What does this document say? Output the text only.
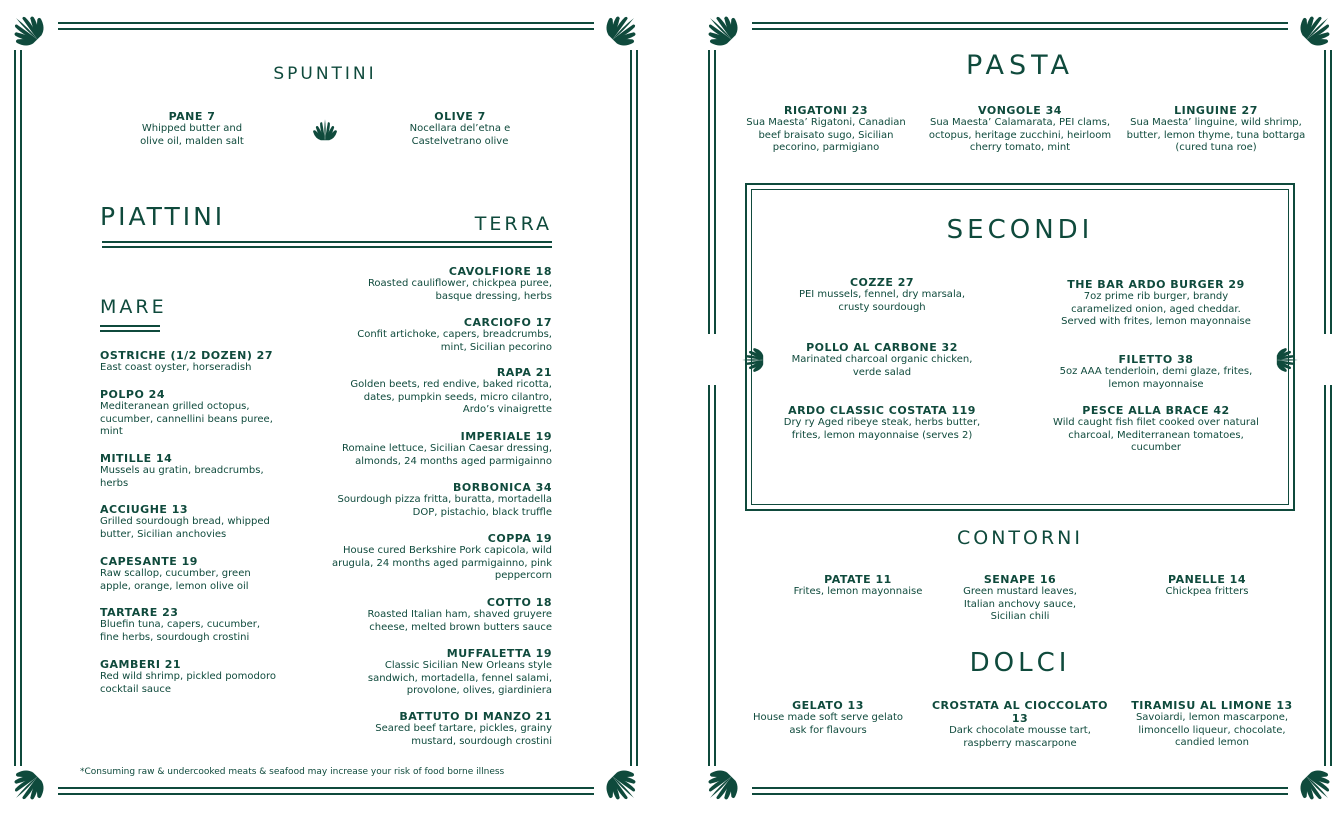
SPUNTINI
PANE 7
Whipped butter and olive oil, malden salt
OLIVE 7
Nocellara del’etna e Castelvetrano olive
PIATTINI	TERRA
MARE
OSTRICHE (1/2 DOZEN) 27
East coast oyster, horseradish
POLPO 24
Mediteranean grilled octopus, cucumber, cannellini beans puree, mint
MITILLE 14
Mussels au gratin, breadcrumbs, herbs
ACCIUGHE 13
Grilled sourdough bread, whipped butter, Sicilian anchovies
CAPESANTE 19
Raw scallop, cucumber, green apple, orange, lemon olive oil
TARTARE 23
Bluefin tuna, capers, cucumber, fine herbs, sourdough crostini
GAMBERI 21
Red wild shrimp, pickled pomodoro cocktail sauce
CAVOLFIORE 18
Roasted cauliflower, chickpea puree, basque dressing, herbs
CARCIOFO 17
Confit artichoke, capers, breadcrumbs, mint, Sicilian pecorino
RAPA 21
Golden beets, red endive, baked ricotta, dates, pumpkin seeds, micro cilantro, Ardo’s vinaigrette
IMPERIALE 19
Romaine lettuce, Sicilian Caesar dressing, almonds, 24 months aged parmigainno
BORBONICA 34
Sourdough pizza fritta, buratta, mortadella DOP, pistachio, black truffle
COPPA 19
House cured Berkshire Pork capicola, wild arugula, 24 months aged parmigainno, pink peppercorn
COTTO 18
Roasted Italian ham, shaved gruyere cheese, melted brown butters sauce
MUFFALETTA 19
Classic Sicilian New Orleans style sandwich, mortadella, fennel salami, provolone, olives, giardiniera
BATTUTO DI MANZO 21
Seared beef tartare, pickles, grainy mustard, sourdough crostini
*Consuming raw & undercooked meats & seafood may increase your risk of food borne illness
PASTA
RIGATONI 23
Sua Maesta’ Rigatoni, Canadian beef braisato sugo, Sicilian pecorino, parmigiano
VONGOLE 34
Sua Maesta’ Calamarata, PEI clams, octopus, heritage zucchini, heirloom cherry tomato, mint
LINGUINE 27
Sua Maesta’ linguine, wild shrimp, butter, lemon thyme, tuna bottarga (cured tuna roe)
SECONDI
COZZE 27
PEI mussels, fennel, dry marsala, crusty sourdough
THE BAR ARDO BURGER 29
7oz prime rib burger, brandy caramelized onion, aged cheddar. Served with frites, lemon mayonnaise
POLLO AL CARBONE 32
Marinated charcoal organic chicken, verde salad
FILETTO 38
5oz AAA tenderloin, demi glaze, frites, lemon mayonnaise
ARDO CLASSIC COSTATA 119
Dry ry Aged ribeye steak, herbs butter, frites, lemon mayonnaise (serves 2)
PESCE ALLA BRACE 42
Wild caught fish filet cooked over natural charcoal, Mediterranean tomatoes, cucumber
CONTORNI
PATATE 11
Frites, lemon mayonnaise
SENAPE 16
Green mustard leaves, Italian anchovy sauce, Sicilian chili
PANELLE 14
Chickpea fritters
DOLCI
GELATO 13
House made soft serve gelato ask for flavours
CROSTATA AL CIOCCOLATO 13
Dark chocolate mousse tart, raspberry mascarpone
TIRAMISU AL LIMONE 13
Savoiardi, lemon mascarpone, limoncello liqueur, chocolate, candied lemon
